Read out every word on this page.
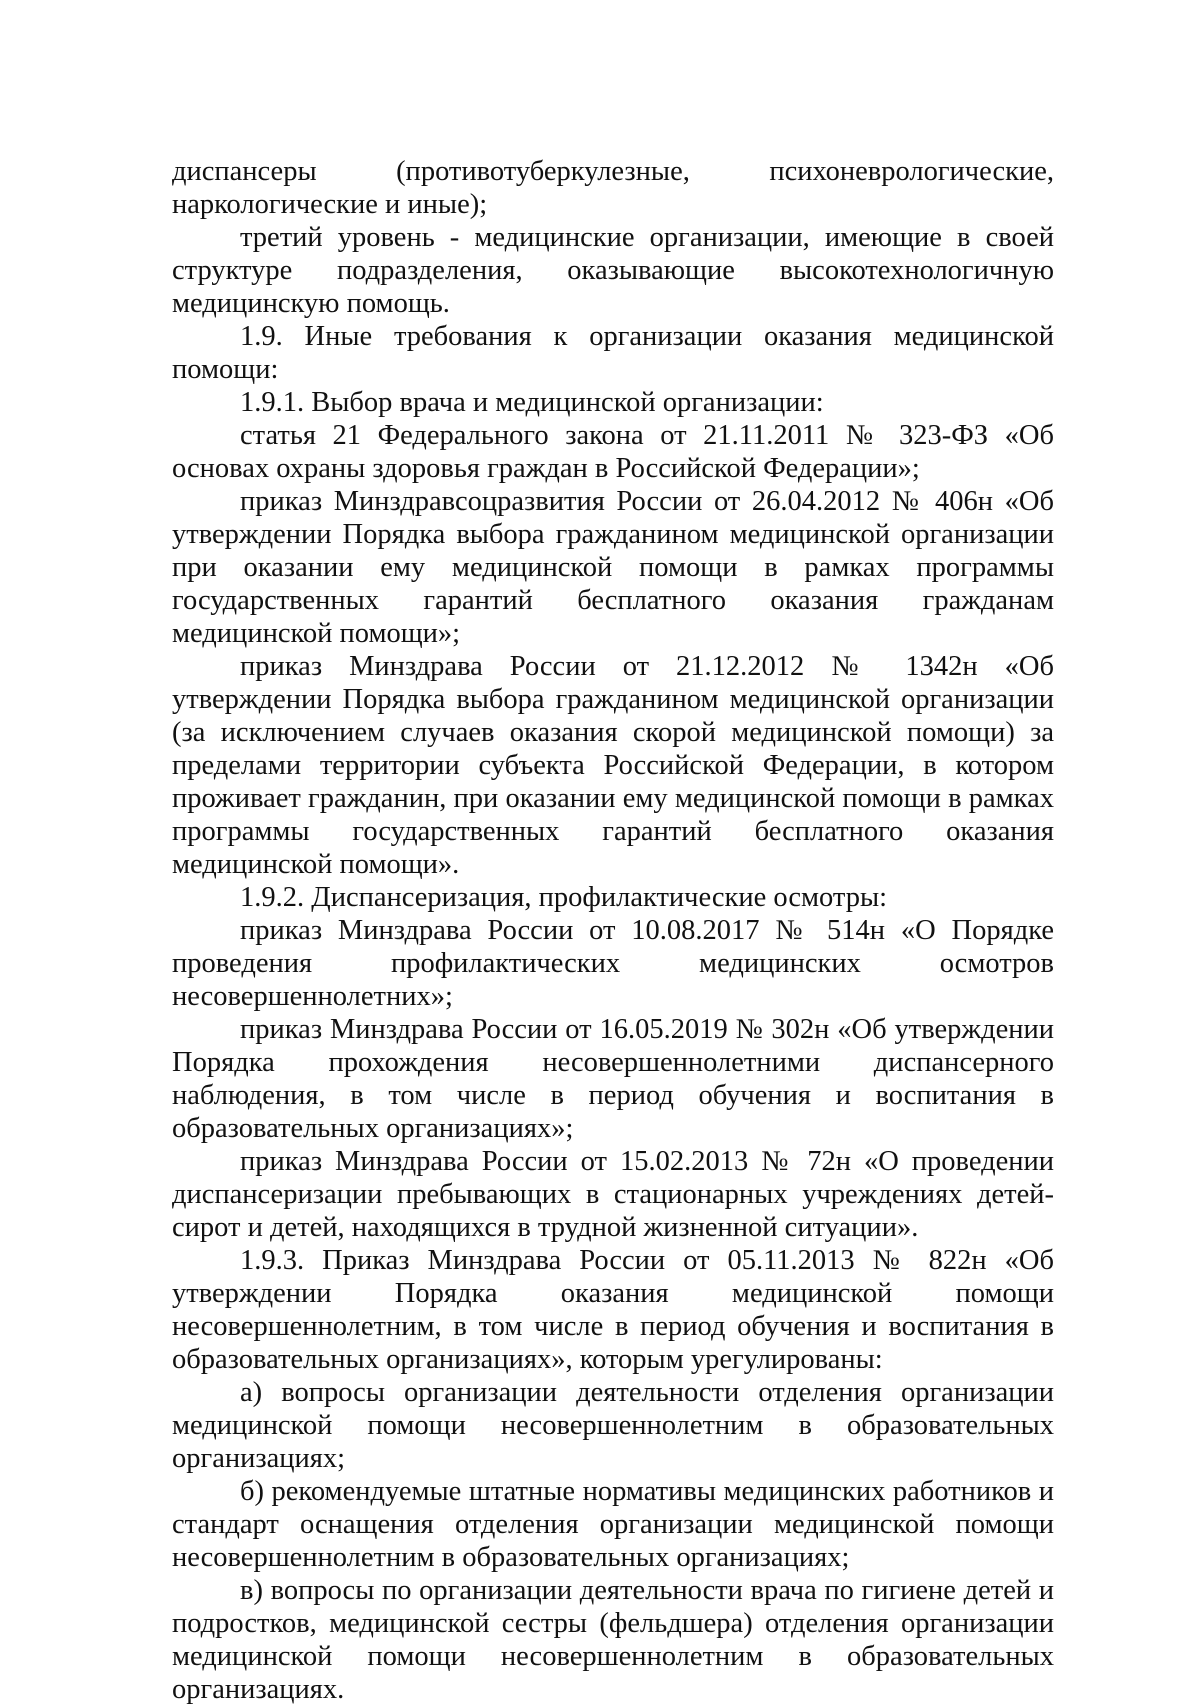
диспансеры (противотуберкулезные, психоневрологические, наркологические и иные);

третий уровень - медицинские организации, имеющие в своей структуре подразделения, оказывающие высокотехнологичную медицинскую помощь.

1.9. Иные требования к организации оказания медицинской помощи:

1.9.1. Выбор врача и медицинской организации:

статья 21 Федерального закона от 21.11.2011 № 323-ФЗ «Об основах охраны здоровья граждан в Российской Федерации»;

приказ Минздравсоцразвития России от 26.04.2012 № 406н «Об утверждении Порядка выбора гражданином медицинской организации при оказании ему медицинской помощи в рамках программы государственных гарантий бесплатного оказания гражданам медицинской помощи»;

приказ Минздрава России от 21.12.2012 № 1342н «Об утверждении Порядка выбора гражданином медицинской организации (за исключением случаев оказания скорой медицинской помощи) за пределами территории субъекта Российской Федерации, в котором проживает гражданин, при оказании ему медицинской помощи в рамках программы государственных гарантий бесплатного оказания медицинской помощи».

1.9.2. Диспансеризация, профилактические осмотры:

приказ Минздрава России от 10.08.2017 № 514н «О Порядке проведения профилактических медицинских осмотров несовершеннолетних»;

приказ Минздрава России от 16.05.2019 № 302н «Об утверждении Порядка прохождения несовершеннолетними диспансерного наблюдения, в том числе в период обучения и воспитания в образовательных организациях»;

приказ Минздрава России от 15.02.2013 № 72н «О проведении диспансеризации пребывающих в стационарных учреждениях детей-сирот и детей, находящихся в трудной жизненной ситуации».

1.9.3. Приказ Минздрава России от 05.11.2013 № 822н «Об утверждении Порядка оказания медицинской помощи несовершеннолетним, в том числе в период обучения и воспитания в образовательных организациях», которым урегулированы:

а) вопросы организации деятельности отделения организации медицинской помощи несовершеннолетним в образовательных организациях;

б) рекомендуемые штатные нормативы медицинских работников и стандарт оснащения отделения организации медицинской помощи несовершеннолетним в образовательных организациях;

в) вопросы по организации деятельности врача по гигиене детей и подростков, медицинской сестры (фельдшера) отделения организации медицинской помощи несовершеннолетним в образовательных организациях.
